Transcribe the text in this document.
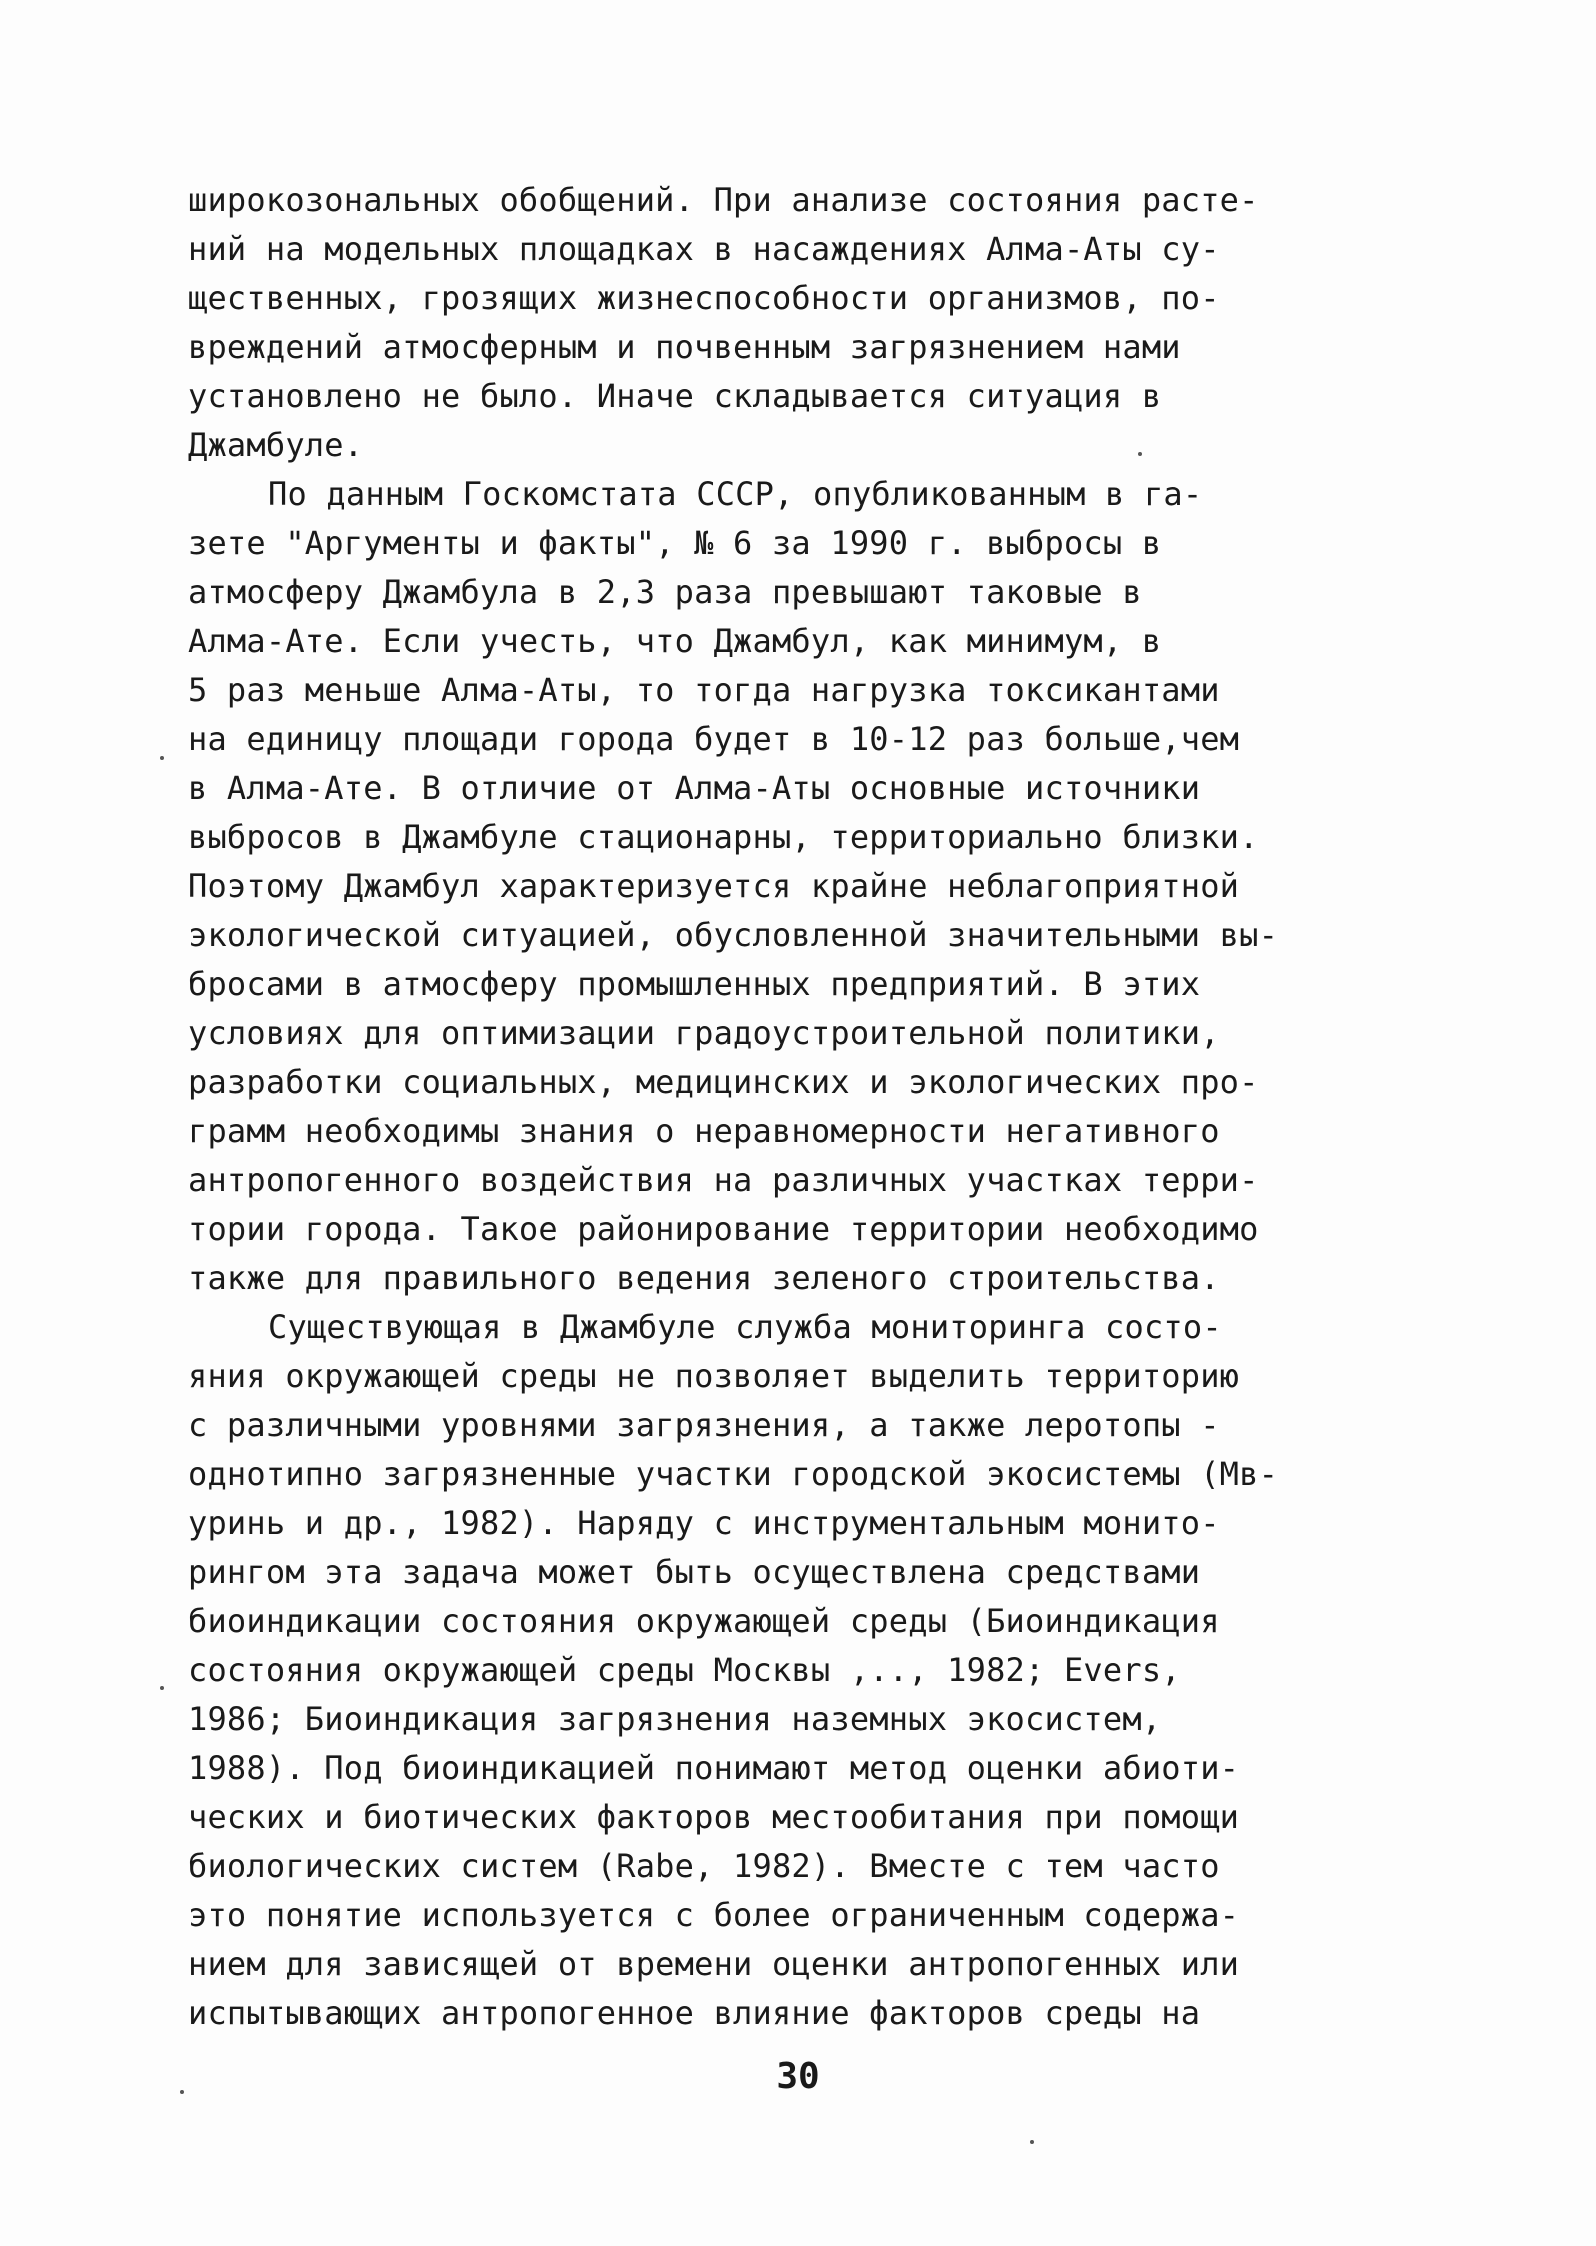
широкозональных обобщений. При анализе состояния расте-
ний на модельных площадках в насаждениях Алма-Аты су-
щественных, грозящих жизнеспособности организмов, по-
вреждений атмосферным и почвенным загрязнением нами
установлено не было. Иначе складывается ситуация в
Джамбуле.
По данным Госкомстата СССР, опубликованным в га-
зете "Аргументы и факты", № 6 за 1990 г. выбросы в
атмосферу Джамбула в 2,3 раза превышают таковые в
Алма-Ате. Если учесть, что Джамбул, как минимум, в
5 раз меньше Алма-Аты, то тогда нагрузка токсикантами
на единицу площади города будет в 10-12 раз больше,чем
в Алма-Ате. В отличие от Алма-Аты основные источники
выбросов в Джамбуле стационарны, территориально близки.
Поэтому Джамбул характеризуется крайне неблагоприятной
экологической ситуацией, обусловленной значительными вы-
бросами в атмосферу промышленных предприятий. В этих
условиях для оптимизации градоустроительной политики,
разработки социальных, медицинских и экологических про-
грамм необходимы знания о неравномерности негативного
антропогенного воздействия на различных участках терри-
тории города. Такое районирование территории необходимо
также для правильного ведения зеленого строительства.
Существующая в Джамбуле служба мониторинга состо-
яния окружающей среды не позволяет выделить территорию
с различными уровнями загрязнения, а также леротопы -
однотипно загрязненные участки городской экосистемы (Мв-
уринь и др., 1982). Наряду с инструментальным монито-
рингом эта задача может быть осуществлена средствами
биоиндикации состояния окружающей среды (Биоиндикация
состояния окружающей среды Москвы ,.., 1982; Evers,
1986; Биоиндикация загрязнения наземных экосистем,
1988). Под биоиндикацией понимают метод оценки абиоти-
ческих и биотических факторов местообитания при помощи
биологических систем (Rabe, 1982). Вместе с тем часто
это понятие используется с более ограниченным содержа-
нием для зависящей от времени оценки антропогенных или
испытывающих антропогенное влияние факторов среды на
30
